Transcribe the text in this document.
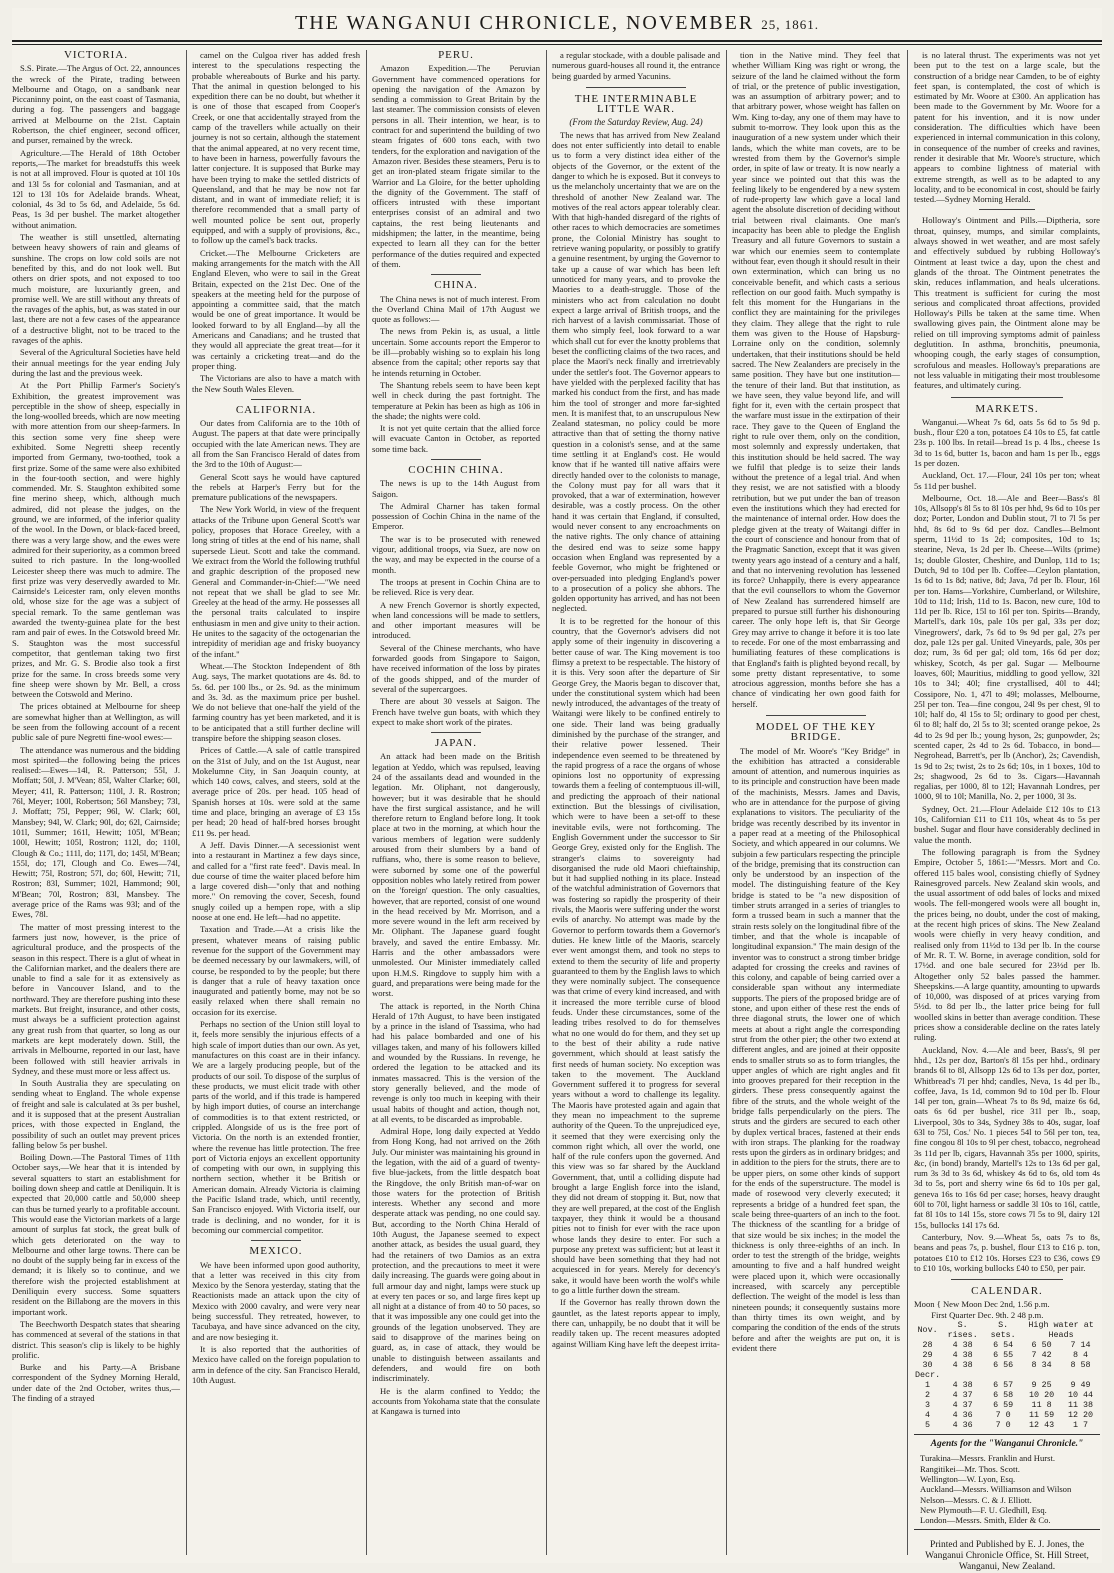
THE WANGANUI CHRONICLE, NOVEMBER 25, 1861.
VICTORIA.

S.S. Pirate.—The Argus of Oct. 22, announces the wreck of the Pirate, trading between Melbourne and Otago, on a sandbank near Piccaninny point, on the east coast of Tasmania, during a fog. The passengers and baggage arrived at Melbourne on the 21st. Captain Robertson, the chief engineer, second officer, and purser, remained by the wreck.

Agriculture.—The Herald of 18th October reports,—The market for breadstuffs this week is not at all improved. Flour is quoted at 10l 10s and 13l 5s for colonial and Tasmanian, and at 12l to 13l 10s for Adelaide brands. Wheat, colonial, 4s 3d to 5s 6d, and Adelaide, 5s 6d. Peas, 1s 3d per bushel. The market altogether without animation.

The weather is still unsettled, alternating between heavy showers of rain and gleams of sunshine. The crops on low cold soils are not benefited by this, and do not look well. But others on drier spots, and not exposed to too much moisture, are luxuriantly green, and promise well. We are still without any threats of the ravages of the aphis, but, as was stated in our last, there are not a few cases of the appearance of a destructive blight, not to be traced to the ravages of the aphis.

Several of the Agricultural Societies have held their annual meetings for the year ending July during the last and the previous week.

At the Port Phillip Farmer's Society's Exhibition, the greatest improvement was perceptible in the show of sheep, especially in the long-woolled breeds, which are now meeting with more attention from our sheep-farmers. In this section some very fine sheep were exhibited. Some Negretti sheep recently imported from Germany, two-toothed, took a first prize. Some of the same were also exhibited in the four-tooth section, and were highly commended. Mr. S. Staughton exhibited some fine merino sheep, which, although much admired, did not please the judges, on the ground, we are informed, of the inferior quality of the wool. In the Down, or black-faced breed, there was a very large show, and the ewes were admired for their superiority, as a common breed suited to rich pasture. In the long-woolled Leicester sheep there was much to admire. The first prize was very deservedly awarded to Mr. Cairnside's Leicester ram, only eleven months old, whose size for the age was a subject of special remark. To the same gentleman was awarded the twenty-guinea plate for the best ram and pair of ewes. In the Cotswold breed Mr. S. Staughton was the most successful competitor, that gentleman taking two first prizes, and Mr. G. S. Brodie also took a first prize for the same. In cross breeds some very fine sheep were shown by Mr. Bell, a cross between the Cotswold and Merino.

The prices obtained at Melbourne for sheep are somewhat higher than at Wellington, as will be seen from the following account of a recent public sale of pure Negretti fine-wool ewes:—

The attendance was numerous and the bidding most spirited—the following being the prices realised:—Ewes—14l, R. Patterson; 55l, J. Moffatt; 50l, J. M'Vean; 85l, Walter Clarke; 60l, Meyer; 41l, R. Patterson; 110l, J. R. Rostron; 76l, Meyer; 100l, Robertson; 56l Mansbey; 73l, J. Moffatt; 75l, Pepper; 96l, W. Clark; 60l, Mansbey; 94l, W. Clark; 90l, do; 62l, Cairnside; 101l, Summer; 161l, Hewitt; 105l, M'Bean; 100l, Hewitt; 105l, Rostron; 112l, do; 110l, Clough & Co.; 111l, do; 117l, do; 145l, M'Bean; 155l, do; 17l, Clough and Co. Ewes—74l, Hewitt; 75l, Rostron; 57l, do; 60l, Hewitt; 71l, Rostron; 83l, Summer; 102l, Hammond; 90l, M'Bean; 70l, Rostron; 83l, Mansbey. The average price of the Rams was 93l; and of the Ewes, 78l.

The matter of most pressing interest to the farmers just now, however, is the price of agricultural produce, and the prospects of the season in this respect. There is a glut of wheat in the Californian market, and the dealers there are unable to find a sale for it as extensively as before in Vancouver Island, and to the northward. They are therefore pushing into these markets. But freight, insurance, and other costs, must always be a sufficient protection against any great rush from that quarter, so long as our markets are kept moderately down. Still, the arrivals in Melbourne, reported in our last, have been followed with still heavier arrivals in Sydney, and these must more or less affect us.

In South Australia they are speculating on sending wheat to England. The whole expense of freight and sale is calculated at 3s per bushel, and it is supposed that at the present Australian prices, with those expected in England, the possibility of such an outlet may prevent prices falling below 5s per bushel.

Boiling Down.—The Pastoral Times of 11th October says,—We hear that it is intended by several squatters to start an establishment for boiling down sheep and cattle at Deniliquin. It is expected that 20,000 cattle and 50,000 sheep can thus be turned yearly to a profitable account. This would ease the Victorian markets of a large amount of surplus fat stock, the great bulk of which gets deteriorated on the way to Melbourne and other large towns. There can be no doubt of the supply being far in excess of the demand; it is likely so to continue, and we therefore wish the projected establishment at Deniliquin every success. Some squatters resident on the Billabong are the movers in this important work.

The Beechworth Despatch states that shearing has commenced at several of the stations in that district. This season's clip is likely to be highly prolific.

Burke and his Party.—A Brisbane correspondent of the Sydney Morning Herald, under date of the 2nd October, writes thus,—The finding of a strayed

camel on the Culgoa river has added fresh interest to the speculations respecting the probable whereabouts of Burke and his party. That the animal in question belonged to his expedition there can be no doubt, but whether it is one of those that escaped from Cooper's Creek, or one that accidentally strayed from the camp of the travellers while actually on their journey is not so certain, although the statement that the animal appeared, at no very recent time, to have been in harness, powerfully favours the latter conjecture. It is supposed that Burke may have been trying to make the settled districts of Queensland, and that he may be now not far distant, and in want of immediate relief; it is therefore recommended that a small party of well mounted police be sent out, properly equipped, and with a supply of provisions, &c., to follow up the camel's back tracks.

Cricket.—The Melbourne Cricketers are making arrangements for the match with the All England Eleven, who were to sail in the Great Britain, expected on the 21st Dec. One of the speakers at the meeting held for the purpose of appointing a committee said, that the match would be one of great importance. It would be looked forward to by all England—by all the Americans and Canadians; and he trusted that they would all appreciate the great treat—for it was certainly a cricketing treat—and do the proper thing.

The Victorians are also to have a match with the New South Wales Eleven.

CALIFORNIA.

Our dates from California are to the 10th of August. The papers at that date were principally occupied with the late American news. They are all from the San Francisco Herald of dates from the 3rd to the 10th of August:—

General Scott says he would have captured the rebels at Harper's Ferry but for the premature publications of the newspapers.

The New York World, in view of the frequent attacks of the Tribune upon General Scott's war policy, proposes that Horace Greeley, with a long string of titles at the end of his name, shall supersede Lieut. Scott and take the command. We extract from the World the following truthful and graphic description of the proposed new General and Commander-in-Chief:—"We need not repeat that we shall be glad to see Mr. Greeley at the head of the army. He possesses all the personal traits calculated to inspire enthusiasm in men and give unity to their action. He unites to the sagacity of the octogenarian the intrepidity of meridian age and frisky buoyancy of the infant."

Wheat.—The Stockton Independent of 8th Aug. says, The market quotations are 4s. 8d. to 5s. 6d. per 100 lbs., or 2s. 9d. as the minimum and 3s. 3d. as the maximum price per bushel. We do not believe that one-half the yield of the farming country has yet been marketed, and it is to be anticipated that a still further decline will transpire before the shipping season closes.

Prices of Cattle.—A sale of cattle transpired on the 31st of July, and on the 1st August, near Mokelumne City, in San Joaquin county, at which 140 cows, calves, and steers, sold at the average price of 20s. per head. 105 head of Spanish horses at 10s. were sold at the same time and place, bringing an average of £3 15s per head; 20 head of half-bred horses brought £11 9s. per head.

A Jeff. Davis Dinner.—A secessionist went into a restaurant in Martinez a few days since, and called for a "first rate feed". Davis meal. In due course of time the waiter placed before him a large covered dish—"only that and nothing more." On removing the cover, Secesh, found snugly coiled up a hempen rope, with a slip noose at one end. He left—had no appetite.

Taxation and Trade.—At a crisis like the present, whatever means of raising public revenue for the support of the Government may be deemed necessary by our lawmakers, will, of course, be responded to by the people; but there is danger that a rule of heavy taxation once inaugurated and patiently borne, may not be so easily relaxed when there shall remain no occasion for its exercise.

Perhaps no section of the Union still loyal to it, feels more sensibly the injurious effects of a high scale of import duties than our own. As yet, manufactures on this coast are in their infancy. We are a largely producing people, but of the products of our soil. To dispose of the surplus of these products, we must elicit trade with other parts of the world, and if this trade is hampered by high import duties, of course an interchange of commodities is to that extent restricted, or crippled. Alongside of us is the free port of Victoria. On the north is an extended frontier, where the revenue has little protection. The free port of Victoria enjoys an excellent opportunity of competing with our own, in supplying this northern section, whether it be British or American domain. Already Victoria is claiming the Pacific Island trade, which, until recently, San Francisco enjoyed. With Victoria itself, our trade is declining, and no wonder, for it is becoming our commercial competitor.

MEXICO.

We have been informed upon good authority, that a letter was received in this city from Mexico by the Senora yesterday, stating that the Reactionists made an attack upon the city of Mexico with 2000 cavalry, and were very near being successful. They retreated, however, to Tacubaya, and have since advanced on the city, and are now besieging it.

It is also reported that the authorities of Mexico have called on the foreign population to arm in defence of the city. San Francisco Herald, 10th August.

PERU.

Amazon Expedition.—The Peruvian Government have commenced operations for opening the navigation of the Amazon by sending a commission to Great Britain by the last steamer. The commission consists of eleven persons in all. Their intention, we hear, is to contract for and superintend the building of two steam frigates of 600 tons each, with two tenders, for the exploration and navigation of the Amazon river. Besides these steamers, Peru is to get an iron-plated steam frigate similar to the Warrior and La Gloire, for the better upholding the dignity of the Government. The staff of officers intrusted with these important enterprises consist of an admiral and two captains, the rest being lieutenants and midshipmen; the latter, in the meantime, being expected to learn all they can for the better performance of the duties required and expected of them.

CHINA.

The China news is not of much interest. From the Overland China Mail of 17th August we quote as follows:—

The news from Pekin is, as usual, a little uncertain. Some accounts report the Emperor to be ill—probably wishing so to explain his long absence from the capital; other reports say that he intends returning in October.

The Shantung rebels seem to have been kept well in check during the past fortnight. The temperature at Pekin has been as high as 106 in the shade; the nights were cold.

It is not yet quite certain that the allied force will evacuate Canton in October, as reported some time back.

COCHIN CHINA.

The news is up to the 14th August from Saigon.

The Admiral Charner has taken formal possession of Cochin China in the name of the Emperor.

The war is to be prosecuted with renewed vigour, additional troops, via Suez, are now on the way, and may be expected in the course of a month.

The troops at present in Cochin China are to be relieved. Rice is very dear.

A new French Governor is shortly expected, when land concessions will be made to settlers, and other important measures will be introduced.

Several of the Chinese merchants, who have forwarded goods from Singapore to Saigon, have received information of the loss by pirates of the goods shipped, and of the murder of several of the supercargoes.

There are about 30 vessels at Saigon. The French have twelve gun boats, with which they expect to make short work of the pirates.

JAPAN.

An attack had been made on the British legation at Yeddo, which was repulsed, leaving 24 of the assailants dead and wounded in the legation. Mr. Oliphant, not dangerously, however; but it was desirable that he should have the first surgical assistance, and he will therefore return to England before long. It took place at two in the morning, at which hour the various members of legation were suddenly aroused from their slumbers by a band of ruffians, who, there is some reason to believe, were suborned by some one of the powerful opposition nobles who lately retired from power on the 'foreign' question. The only casualties, however, that are reported, consist of one wound in the head received by Mr. Morrison, and a more severe wound in the left arm received by Mr. Oliphant. The Japanese guard fought bravely, and saved the entire Embassy. Mr. Harris and the other ambassadors were unmolested. Our Minister immediately called upon H.M.S. Ringdove to supply him with a guard, and preparations were being made for the worst.

The attack is reported, in the North China Herald of 17th August, to have been instigated by a prince in the island of Tsassima, who had had his palace bombarded and one of his villages taken, and many of his followers killed and wounded by the Russians. In revenge, he ordered the legation to be attacked and its inmates massacred. This is the version of the story generally believed, and the mode of revenge is only too much in keeping with their usual habits of thought and action, though not, at all events, to be discarded as improbable.

Admiral Hope, long daily expected at Yeddo from Hong Kong, had not arrived on the 26th July. Our minister was maintaining his ground in the legation, with the aid of a guard of twenty-five blue-jackets, from the little despatch boat the Ringdove, the only British man-of-war on those waters for the protection of British interests. Whether any second and more desperate attack was pending, no one could say. But, according to the North China Herald of 10th August, the Japanese seemed to expect another attack, as besides the usual guard, they had the retainers of two Damios as an extra protection, and the precautions to meet it were daily increasing. The guards were going about in full armour day and night, lamps were stuck up at every ten paces or so, and large fires kept up all night at a distance of from 40 to 50 paces, so that it was impossible any one could get into the grounds of the legation unobserved. They are said to disapprove of the marines being on guard, as, in case of attack, they would be unable to distinguish between assailants and defenders, and would fire on both indiscriminately.

He is the alarm confined to Yeddo; the accounts from Yokohama state that the consulate at Kangawa is turned into

a regular stockade, with a double palisade and numerous guard-houses all round it, the entrance being guarded by armed Yacunins.

THE INTERMINABLE LITTLE WAR.
(From the Saturday Review, Aug. 24)

The news that has arrived from New Zealand does not enter sufficiently into detail to enable us to form a very distinct idea either of the objects of the Governor, or the extent of the danger to which he is exposed. But it conveys to us the melancholy uncertainty that we are on the threshold of another New Zealand war. The motives of the real actors appear tolerably clear. With that high-handed disregard of the rights of other races to which democracies are sometimes prone, the Colonial Ministry has sought to retrieve waning popularity, or possibly to gratify a genuine resentment, by urging the Governor to take up a cause of war which has been left unnoticed for many years, and to provoke the Maories to a death-struggle. Those of the ministers who act from calculation no doubt expect a large arrival of British troops, and the rich harvest of a lavish commissariat. Those of them who simply feel, look forward to a war which shall cut for ever the knotty problems that beset the conflicting claims of the two races, and place the Maori's neck finally and irretrievably under the settler's foot. The Governor appears to have yielded with the perplexed facility that has marked his conduct from the first, and has made him the tool of stronger and more far-sighted men. It is manifest that, to an unscrupulous New Zealand statesman, no policy could be more attractive than that of setting the thorny native question in a colonist's sense, and at the same time settling it at England's cost. He would know that if he wanted till native affairs were directly handed over to the colonists to manage, the Colony must pay for all wars that it provoked, that a war of extermination, however desirable, was a costly process. On the other hand it was certain that England, if consulted, would never consent to any encroachments on the native rights. The only chance of attaining the desired end was to seize some happy occasion when England was represented by a feeble Governor, who might be frightened or over-persuaded into pledging England's power to a prosecution of a policy she abhors. The golden opportunity has arrived, and has not been neglected.

It is to be regretted for the honour of this country, that the Governor's advisers did not apply some of their ingenuity in discovering a better cause of war. The King movement is too flimsy a pretext to be respectable. The history of it is this. Very soon after the departure of Sir George Grey, the Maoris began to discover that, under the constitutional system which had been newly introduced, the advantages of the treaty of Waitangi were likely to be confined entirely to one side. Their land was being gradually diminished by the purchase of the stranger, and their relative power lessened. Their independence even seemed to be threatened by the rapid progress of a race the organs of whose opinions lost no opportunity of expressing towards them a feeling of contemptuous ill-will, and predicting the approach of their national extinction. But the blessings of civilisation, which were to have been a set-off to these inevitable evils, were not forthcoming. The English Government under the successor to Sir George Grey, existed only for the English. The stranger's claims to sovereignty had disorganised the rude old Maori chieftainship, but it had supplied nothing in its place. Instead of the watchful administration of Governors that was fostering so rapidly the prosperity of their rivals, the Maoris were suffering under the worst evils of anarchy. No attempt was made by the Governor to perform towards them a Governor's duties. He knew little of the Maoris, scarcely ever went amongst them, and took no steps to extend to them the security of life and property guaranteed to them by the English laws to which they were nominally subject. The consequence was that crime of every kind increased, and with it increased the more terrible curse of blood feuds. Under these circumstances, some of the leading tribes resolved to do for themselves what no one would do for them, and they set up to the best of their ability a rude native government, which should at least satisfy the first needs of human society. No exception was taken to the movement. The Auckland Government suffered it to progress for several years without a word to challenge its legality. The Maoris have protested again and again that they mean no impeachment to the supreme authority of the Queen. To the unprejudiced eye, it seemed that they were exercising only the common right which, all over the world, one half of the rule confers upon the governed. And this view was so far shared by the Auckland Government, that, until a colliding dispute had brought a large English force into the island, they did not dream of stopping it. But, now that they are well prepared, at the cost of the English taxpayer, they think it would be a thousand pities not to finish for ever with the race upon whose lands they desire to enter. For such a purpose any pretext was sufficient; but at least it should have been something that they had not acquiesced in for years. Merely for decency's sake, it would have been worth the wolf's while to go a little further down the stream.

If the Governor has really thrown down the gauntlet, as the latest reports appear to imply, there can, unhappily, be no doubt that it will be readily taken up. The recent measures adopted against William King have left the deepest irrita-

tion in the Native mind. They feel that whether William King was right or wrong, the seizure of the land he claimed without the form of trial, or the pretence of public investigation, was an assumption of arbitrary power; and to that arbitrary power, whose weight has fallen on Wm. King to-day, any one of them may have to submit to-morrow. They look upon this as the inauguration of a new system under which their lands, which the white man covets, are to be wrested from them by the Governor's simple order, in spite of law or treaty. It is now nearly a year since we pointed out that this was the feeling likely to be engendered by a new system of rude-property law which gave a local land agent the absolute discretion of deciding without trial between rival claimants. One man's incapacity has been able to pledge the English Treasury and all future Governors to sustain a war which our enemies seem to contemplate without fear, even though it should result in their own extermination, which can bring us no conceivable benefit, and which casts a serious reflection on our good faith. Much sympathy is felt this moment for the Hungarians in the conflict they are maintaining for the privileges they claim. They allege that the right to rule them was given to the House of Hapsburg-Lorraine only on the condition, solemnly undertaken, that their institutions should be held sacred. The New Zealanders are precisely in the same position. They have but one institution—the tenure of their land. But that institution, as we have seen, they value beyond life, and will fight for it, even with the certain prospect that the warfare must issue in the extirpation of their race. They gave to the Queen of England the right to rule over them, only on the condition, most solemnly and expressly undertaken, that this institution should be held sacred. The way we fulfil that pledge is to seize their lands without the pretence of a legal trial. And when they resist, we are not satisfied with a bloody retribution, but we put under the ban of treason even the institutions which they had erected for the maintenance of internal order. How does the pledge given at the treaty of Waitangi differ in the court of conscience and honour from that of the Pragmatic Sanction, except that it was given twenty years ago instead of a century and a half, and that no intervening revolution has lessened its force? Unhappily, there is every appearance that the evil counsellors to whom the Governor of New Zealand has surrendered himself are prepared to pursue still further his dishonouring career. The only hope left is, that Sir George Grey may arrive to change it before it is too late to recede. For one of the most embarrassing and humiliating features of these complications is that England's faith is plighted beyond recall, by some pretty distant representative, to some atrocious aggression, months before she has a chance of vindicating her own good faith for herself.

MODEL OF THE KEY BRIDGE.

The model of Mr. Woore's "Key Bridge" in the exhibition has attracted a considerable amount of attention, and numerous inquiries as to its principle and construction have been made of the machinists, Messrs. James and Davis, who are in attendance for the purpose of giving explanations to visitors. The peculiarity of the bridge was recently described by its inventor in a paper read at a meeting of the Philosophical Society, and which appeared in our columns. We subjoin a few particulars respecting the principle of the bridge, premising that its construction can only be understood by an inspection of the model. The distinguishing feature of the Key bridge is stated to be "a new disposition of timber struts arranged in a series of triangles to form a trussed beam in such a manner that the strain rests solely on the longitudinal fibre of the timber, and that the whole is incapable of longitudinal expansion." The main design of the inventor was to construct a strong timber bridge adapted for crossing the creeks and ravines of this colony, and capable of being carried over a considerable span without any intermediate supports. The piers of the proposed bridge are of stone, and upon either of these rest the ends of three diagonal struts, the lower one of which meets at about a right angle the corresponding strut from the other pier; the other two extend at different angles, and are joined at their opposite ends to smaller struts so as to form triangles, the upper angles of which are right angles and fit into grooves prepared for their reception in the girders. These press consequently against the fibre of the struts, and the whole weight of the bridge falls perpendicularly on the piers. The struts and the girders are secured to each other by duplex vertical braces, fastened at their ends with iron straps. The planking for the roadway rests upon the girders as in ordinary bridges; and in addition to the piers for the struts, there are to be upper piers, on some other kinds of support for the ends of the superstructure. The model is made of rosewood very cleverly executed; it represents a bridge of a hundred feet span, the scale being three-quarters of an inch to the foot. The thickness of the scantling for a bridge of that size would be six inches; in the model the thickness is only three-eighths of an inch. In order to test the strength of the bridge, weights amounting to five and a half hundred weight were placed upon it, which were occasionally increased, with scarcely any perceptible deflection. The weight of the model is less than nineteen pounds; it consequently sustains more than thirty times its own weight, and by comparing the condition of the ends of the struts before and after the weights are put on, it is evident there

is no lateral thrust. The experiments was not yet been put to the test on a large scale, but the construction of a bridge near Camden, to be of eighty feet span, is contemplated, the cost of which is estimated by Mr. Woore at £300. An application has been made to the Government by Mr. Woore for a patent for his invention, and it is now under consideration. The difficulties which have been experienced in internal communication in this colony, in consequence of the number of creeks and ravines, render it desirable that Mr. Woore's structure, which appears to combine lightness of material with extreme strength, as well as to be adapted to any locality, and to be economical in cost, should be fairly tested.—Sydney Morning Herald.

Holloway's Ointment and Pills.—Diptheria, sore throat, quinsey, mumps, and similar complaints, always showed in wet weather, and are most safely and effectively subdued by rubbing Holloway's Ointment at least twice a day, upon the chest and glands of the throat. The Ointment penetrates the skin, reduces inflammation, and heals ulcerations. This treatment is sufficient for curing the most serious and complicated throat affections, provided Holloway's Pills be taken at the same time. When swallowing gives pain, the Ointment alone may be relied on till improving symptoms admit of painless deglutition. In asthma, bronchitis, pneumonia, whooping cough, the early stages of consumption, scrofulous and measles. Holloway's preparations are not less valuable in mitigating their most troublesome features, and ultimately curing.

MARKETS.

Wanganui.—Wheat 7s 6d, oats 5s 6d to 5s 9d p. bush., flour £20 a ton, potatoes £4 10s to £5, fat cattle 23s p. 100 lbs. In retail—bread 1s p. 4 lbs., cheese 1s 3d to 1s 6d, butter 1s, bacon and ham 1s per lb., eggs 1s per dozen.

Auckland, Oct. 17.—Flour, 24l 10s per ton; wheat 5s 11d per bushel.

Melbourne, Oct. 18.—Ale and Beer—Bass's 8l 10s, Allsopp's 8l 5s to 8l 10s per hhd, 9s 6d to 10s per doz; Porter, London and Dublin stout, 7l to 7l 5s per hhd, 8s 6d to 9s 6d per doz. Candles—Belmont sperm, 11½d to 1s 2d; composites, 10d to 1s; stearine, Neva, 1s 2d per lb. Cheese—Wilts (prime) 1s; double Gloster, Cheshire, and Dunlop, 11d to 1s; Dutch, 9d to 10d per lb. Coffee—Ceylon plantation, 1s 6d to 1s 8d; native, 8d; Java, 7d per lb. Flour, 16l per ton. Hams—Yorkshire, Cumberland, or Wiltshire, 10d to 11d; Irish, 11d to 1s. Bacon, new cure, 10d to 11d per lb. Rice, 15l to 16l per ton. Spirits—Brandy, Martell's, dark 10s, pale 10s per gal, 33s per doz; Vinegrowers', dark, 7s 6d to 9s 9d per gal, 27s per doz, pale 12s per gal. United Vineyards, pale, 30s per doz; rum, 3s 6d per gal; old tom, 16s 6d per doz; whiskey, Scotch, 4s per gal. Sugar — Melbourne loaves, 60l; Mauritius, middling to good yellow, 32l 10s to 34l; 40l; fine crystallised, 40l to 44l; Cossipore, No. 1, 47l to 49l; molasses, Melbourne, 25l per ton. Tea—fine congou, 24l 9s per chest, 9l to 10l; half do, 4l 15s to 5l; ordinary to good per chest, 6l to 8l; half do, 2l 5s to 3l; scented orange pekoe, 2s 4d to 2s 9d per lb.; young hyson, 2s; gunpowder, 2s; scented caper, 2s 4d to 2s 6d. Tobacco, in bond—Negrohead, Barrett's, per lb (Anchor), 2s; Cavendish, 1s 9d to 2s; twist, 2s to 2s 6d; 10s, in 1 boxes, 10d to 2s; shagwood, 2s 6d to 3s. Cigars—Havannah regalias, per 1000, 8l to 12l; Havannah Londres, per 1000, 9l to 10l; Manilla, No. 2, per 1000, 3l 3s.

Sydney, Oct. 21.—Flour Adelaide £12 10s to £13 10s, Californian £11 to £11 10s, wheat 4s to 5s per bushel. Sugar and flour have considerably declined in value the month.

The following paragraph is from the Sydney Empire, October 5, 1861:—"Messrs. Mort and Co. offered 115 bales wool, consisting chiefly of Sydney Rainesgroved parcels. New Zealand skin wools, and the usual assortment of odd bales of locks and mixed wools. The fell-mongered wools were all bought in, the prices being, no doubt, under the cost of making, at the recent high prices of skins. The New Zealand wools were chiefly in very heavy condition, and realised only from 11½d to 13d per lb. In the course of Mr. R. T. W. Borne, in average condition, sold for 17½d. and one bale secured for 23½d per lb. Altogether only 52 bales passed the hammer. Sheepskins.—A large quantity, amounting to upwards of 10,000, was disposed of at prices varying from 5½d. to 8d per lb., the latter price being for full woolled skins in better than average condition. These prices show a considerable decline on the rates lately ruling.

Auckland, Nov. 4.—Ale and beer, Bass's, 9l per hhd., 12s per doz, Barton's 8l 15s per hhd., ordinary brands 6l to 8l, Allsopp 12s 6d to 13s per doz, porter, Whitbread's 7l per hhd; candles, Neva, 1s 4d per lb., coffee, Java, 1s 1d, common 9d to 10d per lb. Flour 14l per ton, grain—Wheat 7s to 8s 9d, maize 6s 6d, oats 6s 6d per bushel, rice 31l per lb., soap, Liverpool, 30s to 34s, Sydney 38s to 40s, sugar, loaf 63l to 75l, Cos.' No. 1 pieces 54l to 56l per ton, tea, fine congou 8l 10s to 9l per chest, tobacco, negrohead 3s 11d per lb, cigars, Havannah 35s per 1000, spirits, &c, (in bond) brandy, Martell's 12s to 13s 6d per gal, rum 3s 3d to 3s 6d, whiskey 4s 6d to 6s, old tom 4s 3d to 5s, port and sherry wine 6s 6d to 10s per gal, geneva 16s to 16s 6d per case; horses, heavy draught 60l to 70l, light harness or saddle 3l 10s to 16l, cattle, fat 8l 10s to 14l 15s, store cows 7l 5s to 9l, dairy 12l 15s, bullocks 14l 17s 6d.

Canterbury, Nov. 9.—Wheat 5s, oats 7s to 8s, beans and peas 7s, p. bushel, flour £13 to £16 p. ton, potatoes £10 to £12 10s. Horses £23 to £36, cows £9 to £10 10s, working bullocks £40 to £50, per pair.

CALENDAR.
Moon { New Moon Dec 2nd, 1.56 p.m.
First Quarter Dec. 9th. 2 48 p.m.
Nov.	S. rises.	S. sets.	High water at Heads	
28	4 38	6 54	6 50	7 14
29	4 38	6 55	7 42	8 4
30	4 38	6 56	8 34	8 58
Decr.				
1	4 38	6 57	9 25	9 49
2	4 37	6 58	10 20	10 44
3	4 37	6 59	11 8	11 38
4	4 36	7 0	11 59	12 20
5	4 36	7 0	12 43	1 7
Agents for the "Wanganui Chronicle."

Turakina—Messrs. Franklin and Hurst.

Rangitikei—Mr. Thos. Scott.

Wellington—W. Lyon, Esq.

Auckland—Messrs. Williamson and Wilson

Nelson—Messrs. C. & J. Elliott.

New Plymouth—F. U. Gledhill, Esq.

London—Messrs. Smith, Elder & Co.

Printed and Published by E. J. Jones, the Wanganui Chronicle Office, St. Hill Street, Wanganui, New Zealand.
